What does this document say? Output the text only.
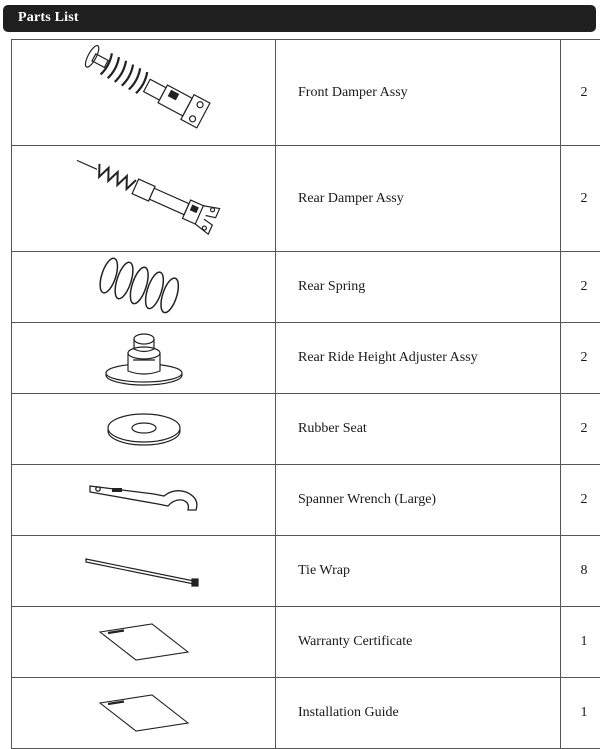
Parts List
	Front Damper Assy	2

	Rear Damper Assy	2

	Rear Spring	2

	Rear Ride Height Adjuster Assy	2

	Rubber Seat	2

	Spanner Wrench (Large)	2

	Tie Wrap	8

	Warranty Certificate	1

	Installation Guide	1
